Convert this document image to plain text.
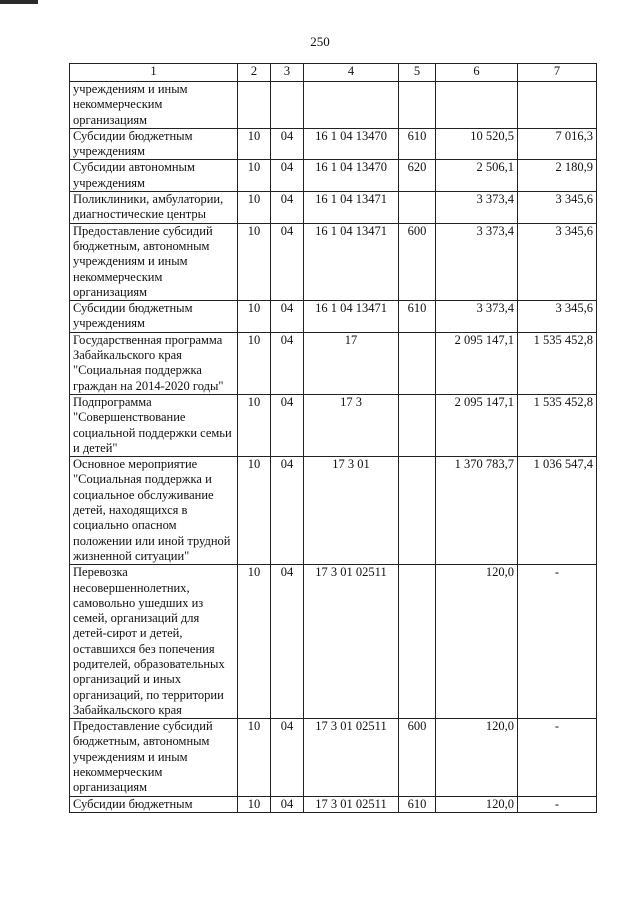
250
1	2	3	4	5	6	7
учреждениям и иным некоммерческим организациям						
Субсидии бюджетным учреждениям	10	04	16 1 04 13470	610	10 520,5	7 016,3
Субсидии автономным учреждениям	10	04	16 1 04 13470	620	2 506,1	2 180,9
Поликлиники, амбулатории, диагностические центры	10	04	16 1 04 13471		3 373,4	3 345,6
Предоставление субсидий бюджетным, автономным учреждениям и иным некоммерческим организациям	10	04	16 1 04 13471	600	3 373,4	3 345,6
Субсидии бюджетным учреждениям	10	04	16 1 04 13471	610	3 373,4	3 345,6
Государственная программа Забайкальского края "Социальная поддержка граждан на 2014-2020 годы"	10	04	17		2 095 147,1	1 535 452,8
Подпрограмма "Совершенствование социальной поддержки семьи и детей"	10	04	17 3		2 095 147,1	1 535 452,8
Основное мероприятие "Социальная поддержка и социальное обслуживание детей, находящихся в социально опасном положении или иной трудной жизненной ситуации"	10	04	17 3 01		1 370 783,7	1 036 547,4
Перевозка несовершеннолетних, самовольно ушедших из семей, организаций для детей-сирот и детей, оставшихся без попечения родителей, образовательных организаций и иных организаций, по территории Забайкальского края	10	04	17 3 01 02511		120,0	-
Предоставление субсидий бюджетным, автономным учреждениям и иным некоммерческим организациям	10	04	17 3 01 02511	600	120,0	-
Субсидии бюджетным	10	04	17 3 01 02511	610	120,0	-
